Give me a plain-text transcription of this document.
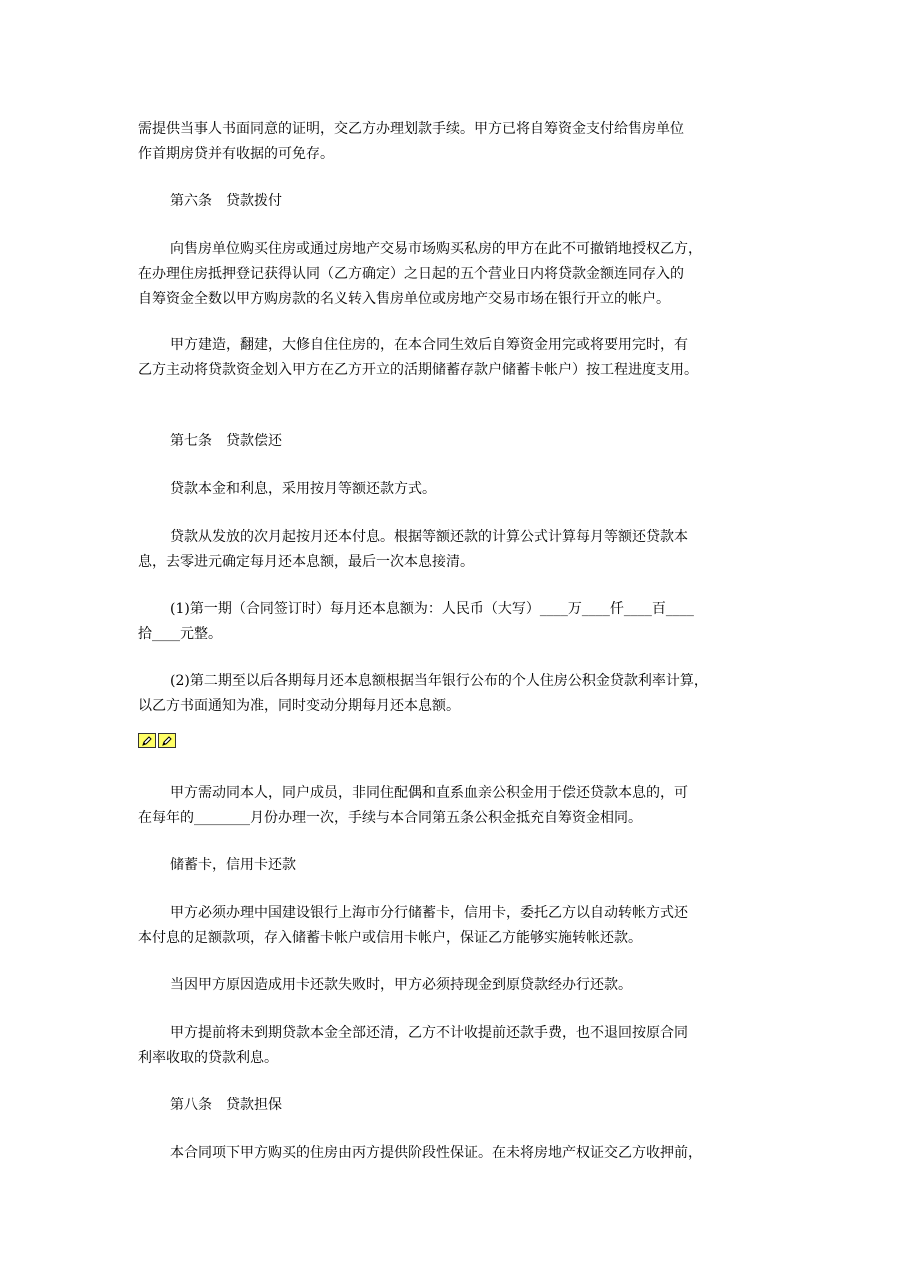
需提供当事人书面同意的证明，交乙方办理划款手续。甲方已将自筹资金支付给售房单位
作首期房贷并有收据的可免存。
第六条　贷款拨付
向售房单位购买住房或通过房地产交易市场购买私房的甲方在此不可撤销地授权乙方，
在办理住房抵押登记获得认同（乙方确定）之日起的五个营业日内将贷款金额连同存入的
自筹资金全数以甲方购房款的名义转入售房单位或房地产交易市场在银行开立的帐户。
甲方建造，翻建，大修自住住房的，在本合同生效后自筹资金用完或将要用完时，有
乙方主动将贷款资金划入甲方在乙方开立的活期储蓄存款户储蓄卡帐户）按工程进度支用。
第七条　贷款偿还
贷款本金和利息，采用按月等额还款方式。
贷款从发放的次月起按月还本付息。根据等额还款的计算公式计算每月等额还贷款本
息，去零进元确定每月还本息额，最后一次本息接清。
(1)第一期（合同签订时）每月还本息额为：人民币（大写）____万____仟____百____
拾____元整。
(2)第二期至以后各期每月还本息额根据当年银行公布的个人住房公积金贷款利率计算，
以乙方书面通知为准，同时变动分期每月还本息额。
甲方需动同本人，同户成员，非同住配偶和直系血亲公积金用于偿还贷款本息的，可
在每年的________月份办理一次，手续与本合同第五条公积金抵充自筹资金相同。
储蓄卡，信用卡还款
甲方必须办理中国建设银行上海市分行储蓄卡，信用卡，委托乙方以自动转帐方式还
本付息的足额款项，存入储蓄卡帐户或信用卡帐户，保证乙方能够实施转帐还款。
当因甲方原因造成用卡还款失败时，甲方必须持现金到原贷款经办行还款。
甲方提前将未到期贷款本金全部还清，乙方不计收提前还款手费，也不退回按原合同
利率收取的贷款利息。
第八条　贷款担保
本合同项下甲方购买的住房由丙方提供阶段性保证。在未将房地产权证交乙方收押前，
